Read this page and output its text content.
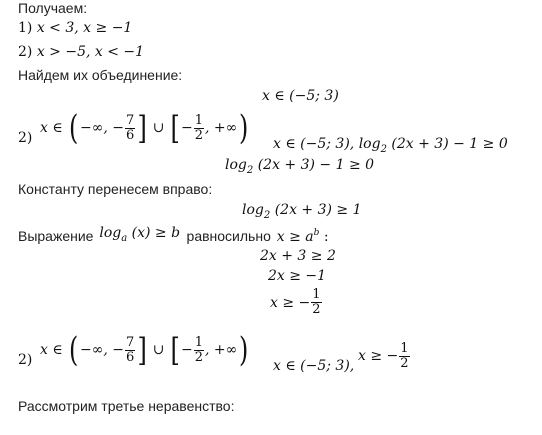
Получаем:
1) x < 3, x ≥ −1
2) x > −5, x < −1
Найдем их объединение:
x ∈ (−5; 3)
2)
x ∈ ( −∞, − $\frac{7}{6}$ ] ∪ [ − $\frac{1}{2}$ , +∞ ) x ∈ (−5; 3), $\log_2 (2x + 3) - 1 \ge 0$
$\log_2 (2x + 3) - 1 \ge 0$
Константу перенесем вправо:
$\log_2 (2x + 3) \ge 1$
Выражение $\log_a (x) \ge b$ равносильно $x \ge a^b$ :
2x + 3 ≥ 2
2x ≥ −1
x ≥ − $\frac{1}{2}$
2)
x ∈ ( −∞, − $\frac{7}{6}$ ] ∪ [ − $\frac{1}{2}$ , +∞ ) x ∈ (−5; 3),
x ≥ − $\frac{1}{2}$
Рассмотрим третье неравенство:
